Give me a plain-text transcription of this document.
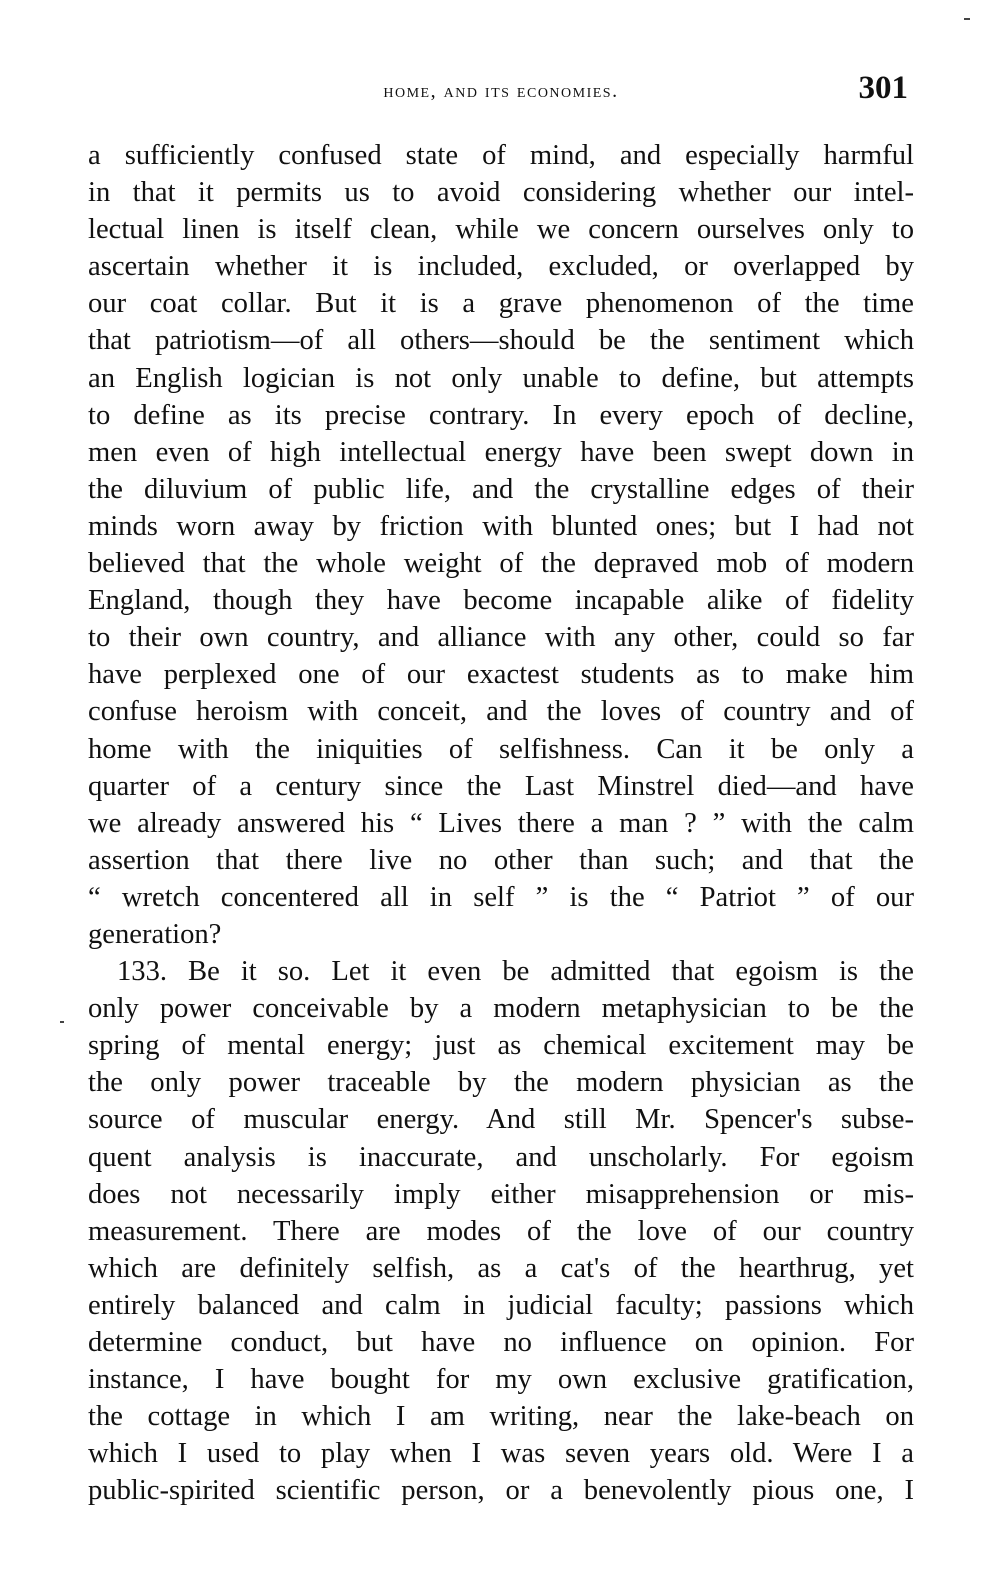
home, and its economies.	301
a sufficiently confused state of mind, and especially harmful
in that it permits us to avoid considering whether our intel-
lectual linen is itself clean, while we concern ourselves only to
ascertain whether it is included, excluded, or overlapped by
our coat collar. But it is a grave phenomenon of the time
that patriotism—of all others—should be the sentiment which
an English logician is not only unable to define, but attempts
to define as its precise contrary. In every epoch of decline,
men even of high intellectual energy have been swept down in
the diluvium of public life, and the crystalline edges of their
minds worn away by friction with blunted ones; but I had not
believed that the whole weight of the depraved mob of modern
England, though they have become incapable alike of fidelity
to their own country, and alliance with any other, could so far
have perplexed one of our exactest students as to make him
confuse heroism with conceit, and the loves of country and of
home with the iniquities of selfishness. Can it be only a
quarter of a century since the Last Minstrel died—and have
we already answered his “ Lives there a man ? ” with the calm
assertion that there live no other than such; and that the
“ wretch concentered all in self ” is the “ Patriot ” of our
generation?
133. Be it so. Let it even be admitted that egoism is the
only power conceivable by a modern metaphysician to be the
spring of mental energy; just as chemical excitement may be
the only power traceable by the modern physician as the
source of muscular energy. And still Mr. Spencer's subse-
quent analysis is inaccurate, and unscholarly. For egoism
does not necessarily imply either misapprehension or mis-
measurement. There are modes of the love of our country
which are definitely selfish, as a cat's of the hearthrug, yet
entirely balanced and calm in judicial faculty; passions which
determine conduct, but have no influence on opinion. For
instance, I have bought for my own exclusive gratification,
the cottage in which I am writing, near the lake-beach on
which I used to play when I was seven years old. Were I a
public-spirited scientific person, or a benevolently pious one, I
